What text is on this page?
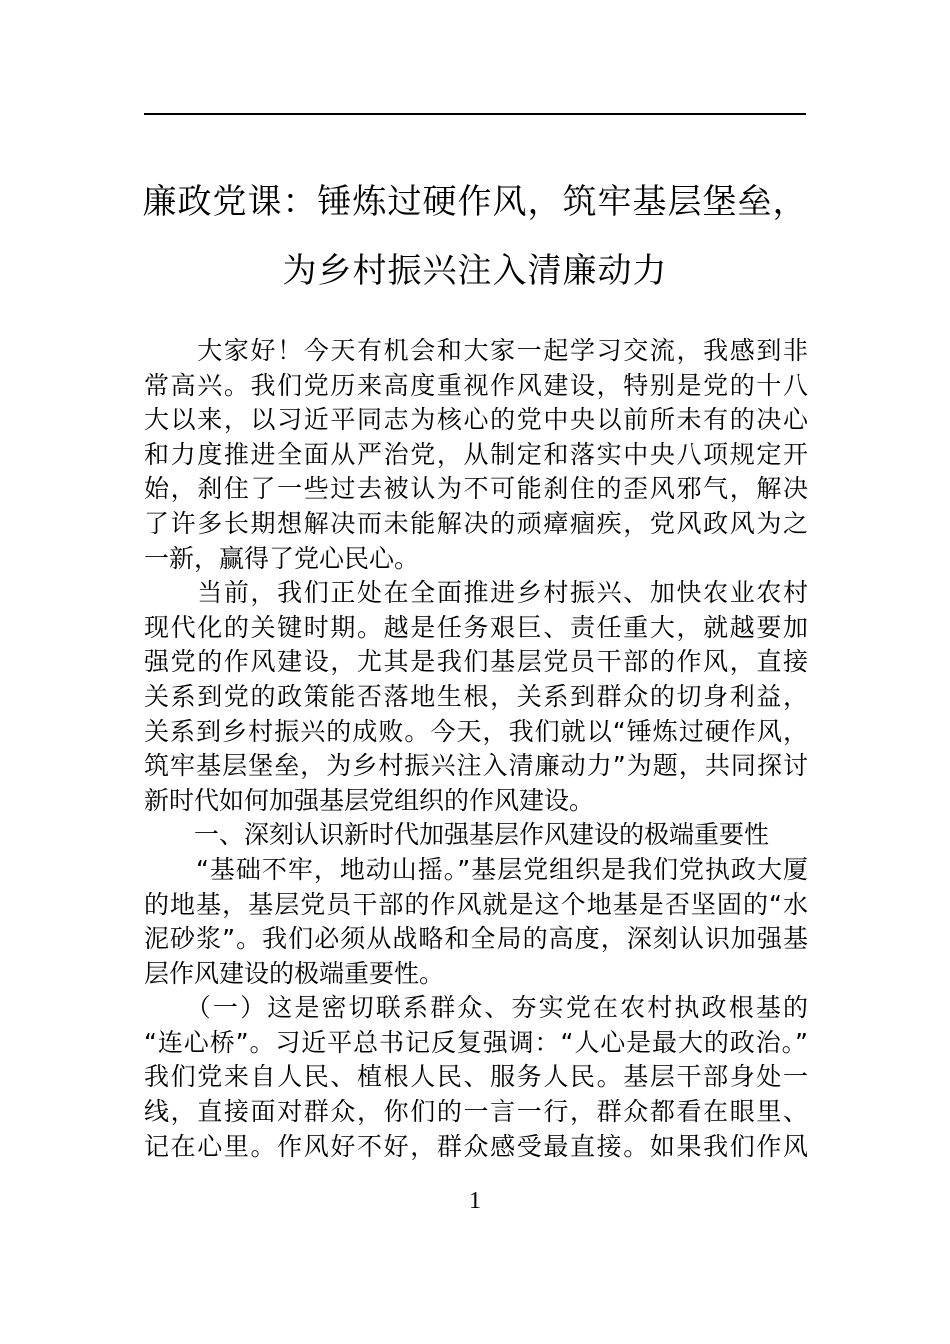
廉政党课：锤炼过硬作风，筑牢基层堡垒，
为乡村振兴注入清廉动力
　　大家好！今天有机会和大家一起学习交流，我感到非
常高兴。我们党历来高度重视作风建设，特别是党的十八
大以来，以习近平同志为核心的党中央以前所未有的决心
和力度推进全面从严治党，从制定和落实中央八项规定开
始，刹住了一些过去被认为不可能刹住的歪风邪气，解决
了许多长期想解决而未能解决的顽瘴痼疾，党风政风为之
一新，赢得了党心民心。
　　当前，我们正处在全面推进乡村振兴、加快农业农村
现代化的关键时期。越是任务艰巨、责任重大，就越要加
强党的作风建设，尤其是我们基层党员干部的作风，直接
关系到党的政策能否落地生根，关系到群众的切身利益，
关系到乡村振兴的成败。今天，我们就以“锤炼过硬作风，
筑牢基层堡垒，为乡村振兴注入清廉动力”为题，共同探讨
新时代如何加强基层党组织的作风建设。
　　一、深刻认识新时代加强基层作风建设的极端重要性
　　“基础不牢，地动山摇。”基层党组织是我们党执政大厦
的地基，基层党员干部的作风就是这个地基是否坚固的“水
泥砂浆”。我们必须从战略和全局的高度，深刻认识加强基
层作风建设的极端重要性。
　　（一）这是密切联系群众、夯实党在农村执政根基的
“连心桥”。习近平总书记反复强调：“人心是最大的政治。”
我们党来自人民、植根人民、服务人民。基层干部身处一
线，直接面对群众，你们的一言一行，群众都看在眼里、
记在心里。作风好不好，群众感受最直接。如果我们作风
1
